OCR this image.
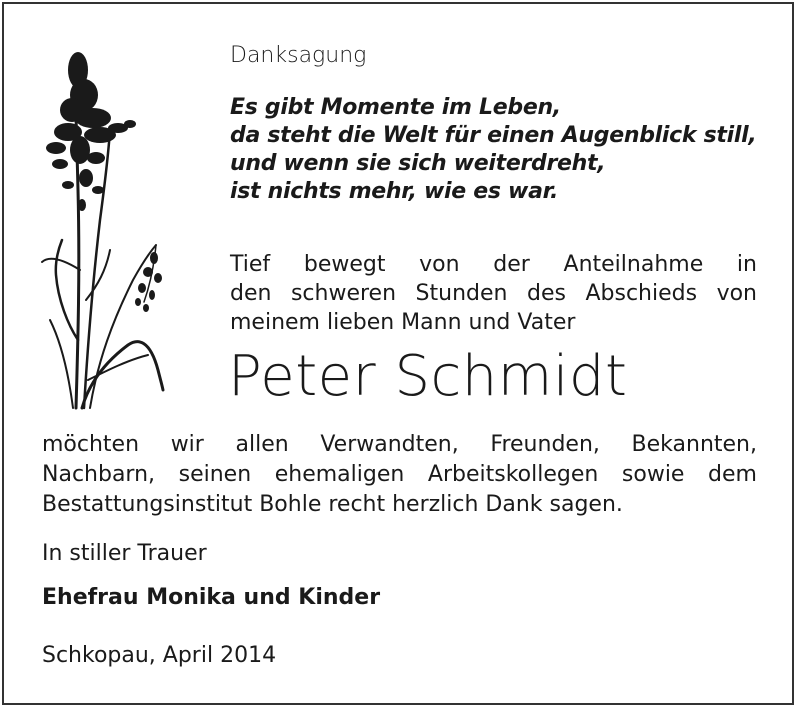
Danksagung
Es gibt Momente im Leben,
da steht die Welt für einen Augenblick still,
und wenn sie sich weiterdreht,
ist nichts mehr, wie es war.
Tief bewegt von der Anteilnahme in
den schweren Stunden des Abschieds von
meinem lieben Mann und Vater
Peter Schmidt
möchten wir allen Verwandten, Freunden, Bekannten,
Nachbarn, seinen ehemaligen Arbeitskollegen sowie dem
Bestattungsinstitut Bohle recht herzlich Dank sagen.
In stiller Trauer
Ehefrau Monika und Kinder
Schkopau, April 2014
